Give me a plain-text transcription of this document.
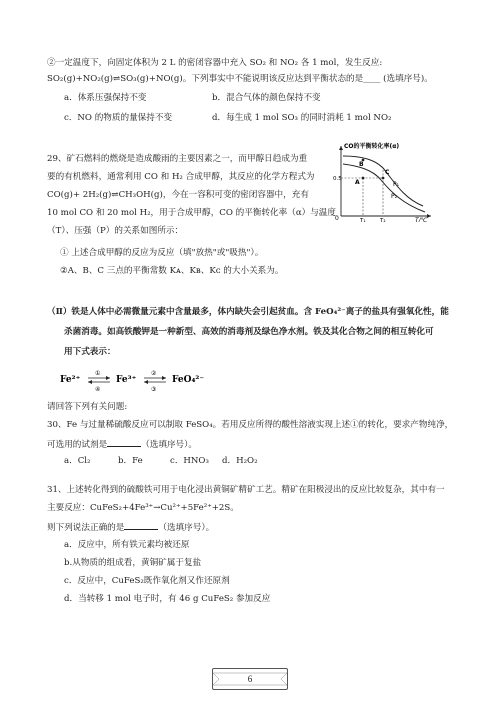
②一定温度下，向固定体积为 2 L 的密闭容器中充入 SO₂ 和 NO₂ 各 1 mol，发生反应:
SO₂(g)+NO₂(g)⇌SO₃(g)+NO(g)。下列事实中不能说明该反应达到平衡状态的是____ (选填序号)。
a．体系压强保持不变	b．混合气体的颜色保持不变
c．NO 的物质的量保持不变	d．每生成 1 mol SO₃ 的同时消耗 1 mol NO₂
29、矿石燃料的燃烧是造成酸雨的主要因素之一，而甲醇日趋成为重
要的有机燃料，通常利用 CO 和 H₂ 合成甲醇，其反应的化学方程式为
CO(g)+ 2H₂(g)⇌CH₃OH(g)，今在一容积可变的密闭容器中，充有
10 mol CO 和 20 mol H₂，用于合成甲醇，CO 的平衡转化率（α）与温度
（T）、压强（P）的关系如图所示：
① 上述合成甲醇的反应为反应（填"放热"或"吸热"）。
②A、B、C 三点的平衡常数 Kᴀ、Kʙ、Kᴄ 的大小关系为。
CO的平衡转化率(α)
0	T/℃
0.5 A
B
C
P₁
P₂
T₁	T₂
（Ⅱ）铁是人体中必需微量元素中含量最多，体内缺失会引起贫血。含 FeO₄²⁻离子的盐具有强氧化性，能
杀菌消毒。如高铁酸钾是一种新型、高效的消毒剂及绿色净水剂。铁及其化合物之间的相互转化可
用下式表示：
Fe²⁺
①
④
Fe³⁺
②
③
FeO₄²⁻
请回答下列有关问题:
30、Fe 与过量稀硫酸反应可以制取 FeSO₄。若用反应所得的酸性溶液实现上述①的转化，要求产物纯净，
可选用的试剂是	（选填序号）。
a．Cl₂	b．Fe	c．HNO₃ d．H₂O₂
31、上述转化得到的硫酸铁可用于电化浸出黄铜矿精矿工艺。精矿在阳极浸出的反应比较复杂，其中有一
主要反应：CuFeS₂+4Fe³⁺→Cu²⁺+5Fe²⁺+2S。
则下列说法正确的是	（选填序号）。
a．反应中，所有铁元素均被还原
b.从物质的组成看，黄铜矿属于复盐
c．反应中，CuFeS₂既作氧化剂又作还原剂
d．当转移 1 mol 电子时，有 46 g CuFeS₂ 参加反应
6
